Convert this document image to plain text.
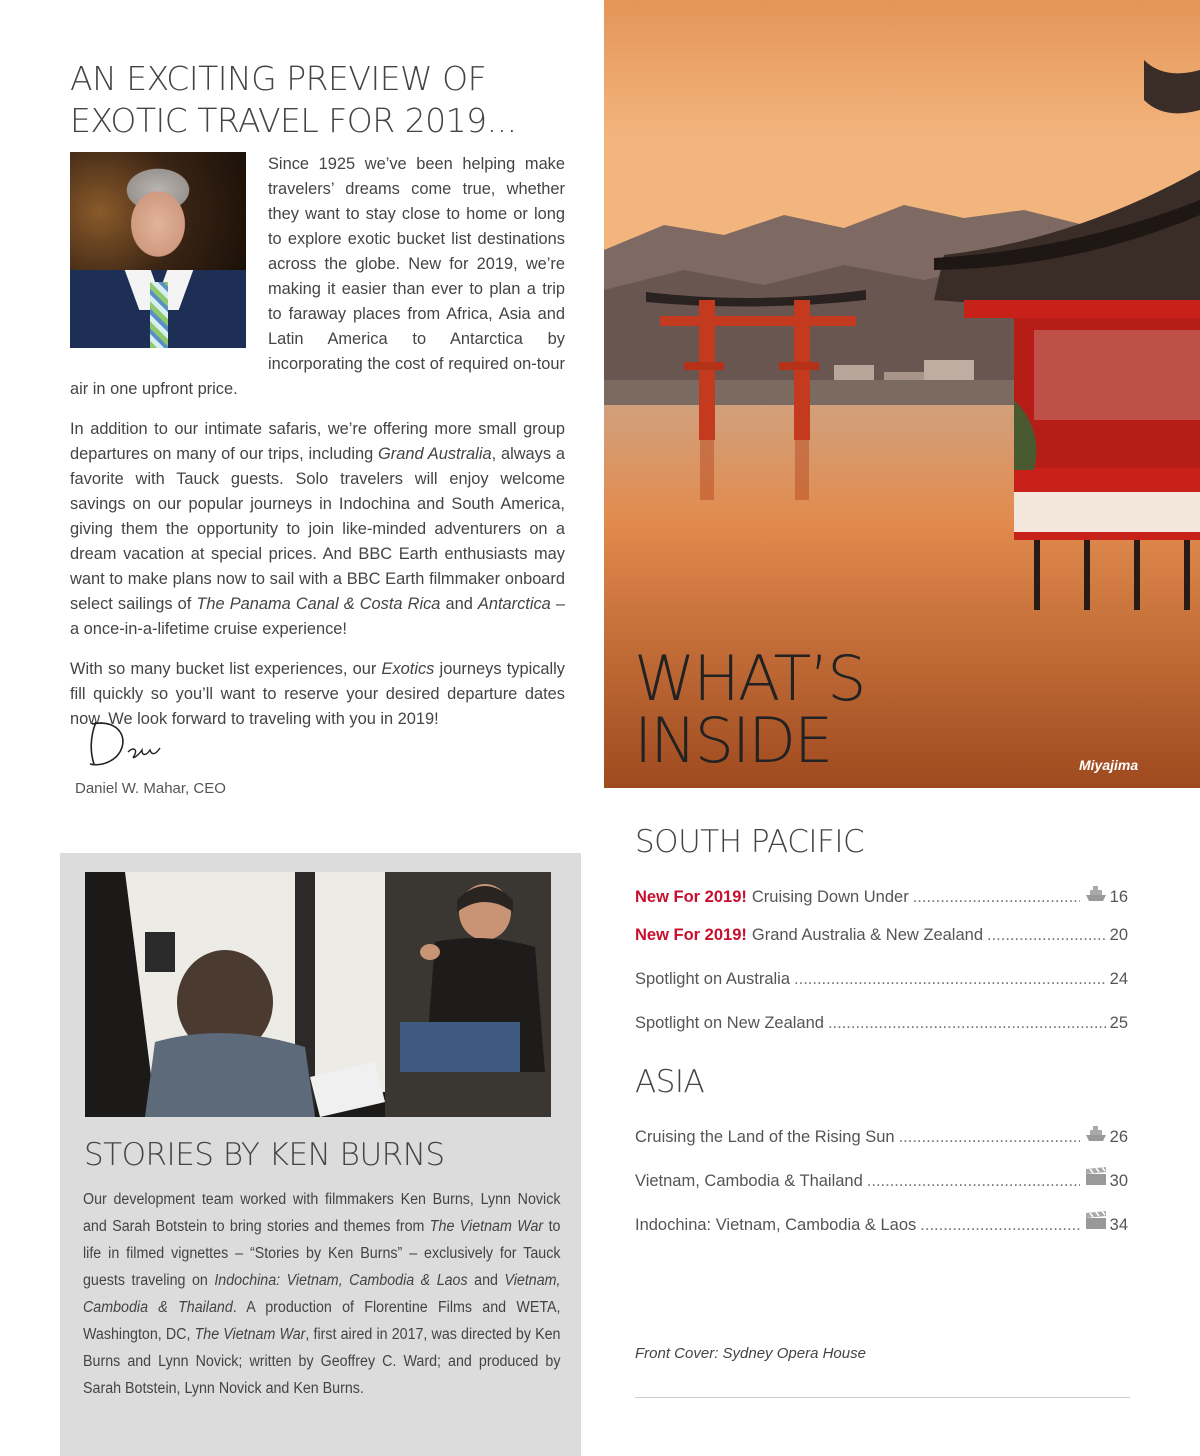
AN EXCITING PREVIEW OF
EXOTIC TRAVEL FOR 2019...

Since 1925 we’ve been helping make travelers’ dreams come true, whether they want to stay close to home or long to explore exotic bucket list destinations across the globe. New for 2019, we’re making it easier than ever to plan a trip to faraway places from Africa, Asia and Latin America to Antarctica by incorporating the cost of required on-tour air in one upfront price.

In addition to our intimate safaris, we’re offering more small group departures on many of our trips, including Grand Australia, always a favorite with Tauck guests. Solo travelers will enjoy welcome savings on our popular journeys in Indochina and South America, giving them the opportunity to join like-minded adventurers on a dream vacation at special prices. And BBC Earth enthusiasts may want to make plans now to sail with a BBC Earth filmmaker onboard select sailings of The Panama Canal & Costa Rica and Antarctica – a once-in-a-lifetime cruise experience!

With so many bucket list experiences, our Exotics journeys typically fill quickly so you’ll want to reserve your desired departure dates now. We look forward to traveling with you in 2019!

Daniel W. Mahar, CEO
WHAT’S
INSIDE	Miyajima
SOUTH PACIFIC
New For 2019! Cruising Down Under .....	16
New For 2019! Grand Australia & New Zealand .....	20
Spotlight on Australia .....	24
Spotlight on New Zealand .....	25
ASIA
Cruising the Land of the Rising Sun .....	26
Vietnam, Cambodia & Thailand .....	30
Indochina: Vietnam, Cambodia & Laos .....	34
Front Cover: Sydney Opera House
STORIES BY KEN BURNS
Our development team worked with filmmakers Ken Burns, Lynn Novick and Sarah Botstein to bring stories and themes from The Vietnam War to life in filmed vignettes – “Stories by Ken Burns” – exclusively for Tauck guests traveling on Indochina: Vietnam, Cambodia & Laos and Vietnam, Cambodia & Thailand. A production of Florentine Films and WETA, Washington, DC, The Vietnam War, first aired in 2017, was directed by Ken Burns and Lynn Novick; written by Geoffrey C. Ward; and produced by Sarah Botstein, Lynn Novick and Ken Burns.
